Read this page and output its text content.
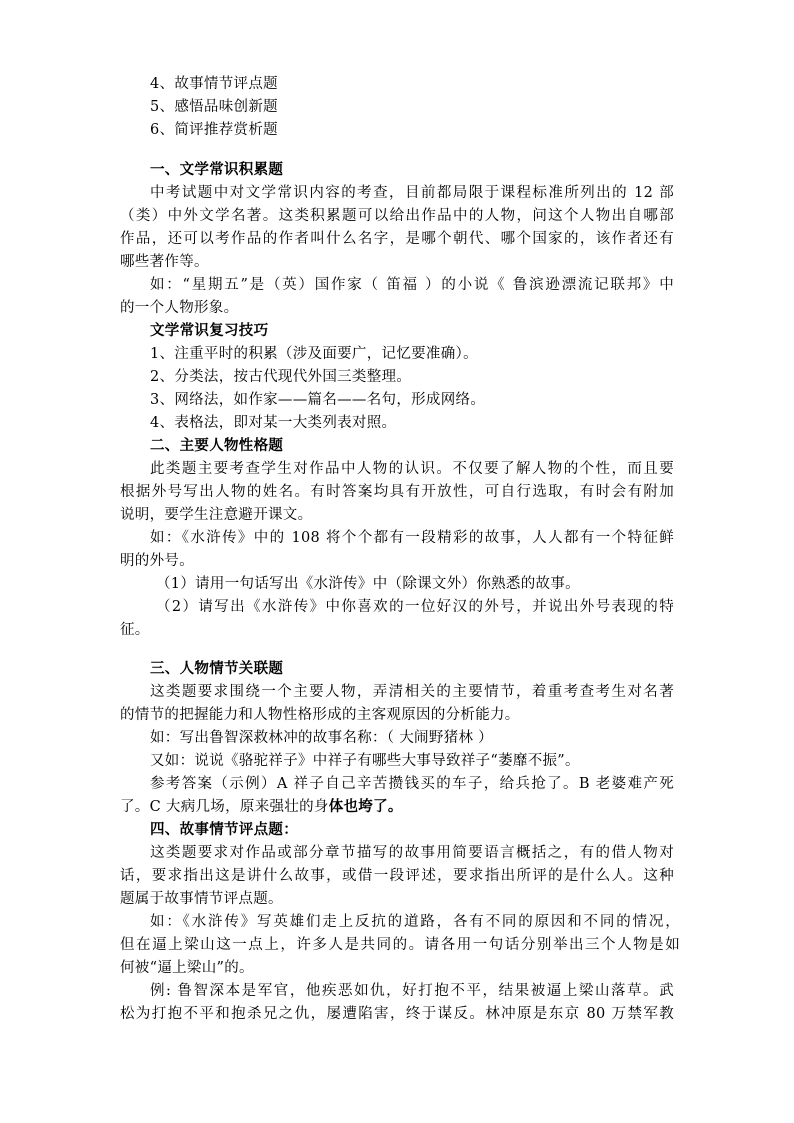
4、故事情节评点题
5、感悟品味创新题
6、简评推荐赏析题
一、文学常识积累题
中考试题中对文学常识内容的考查，目前都局限于课程标准所列出的 12 部
（类）中外文学名著。这类积累题可以给出作品中的人物，问这个人物出自哪部
作品，还可以考作品的作者叫什么名字，是哪个朝代、哪个国家的，该作者还有
哪些著作等。
如：“星期五”是（英）国作家（ 笛福 ）的小说《 鲁滨逊漂流记联邦》中
的一个人物形象。
文学常识复习技巧
1、注重平时的积累（涉及面要广，记忆要准确）。
2、分类法，按古代现代外国三类整理。
3、网络法，如作家——篇名——名句，形成网络。
4、表格法，即对某一大类列表对照。
二、主要人物性格题
此类题主要考查学生对作品中人物的认识。不仅要了解人物的个性，而且要
根据外号写出人物的姓名。有时答案均具有开放性，可自行选取，有时会有附加
说明，要学生注意避开课文。
如：《水浒传》中的 108 将个个都有一段精彩的故事，人人都有一个特征鲜
明的外号。
（1）请用一句话写出《水浒传》中（除课文外）你熟悉的故事。
（2）请写出《水浒传》中你喜欢的一位好汉的外号，并说出外号表现的特
征。
三、人物情节关联题
这类题要求围绕一个主要人物，弄清相关的主要情节，着重考查考生对名著
的情节的把握能力和人物性格形成的主客观原因的分析能力。
如：写出鲁智深救林冲的故事名称：（ 大闹野猪林 ）
又如：说说《骆驼祥子》中祥子有哪些大事导致祥子“萎靡不振”。
参考答案（示例）A 祥子自己辛苦攒钱买的车子，给兵抢了。B 老婆难产死
了。C 大病几场，原来强壮的身体也垮了。
四、故事情节评点题：
这类题要求对作品或部分章节描写的故事用简要语言概括之，有的借人物对
话，要求指出这是讲什么故事，或借一段评述，要求指出所评的是什么人。这种
题属于故事情节评点题。
如：《水浒传》写英雄们走上反抗的道路，各有不同的原因和不同的情况，
但在逼上梁山这一点上，许多人是共同的。请各用一句话分别举出三个人物是如
何被“逼上梁山”的。
例: 鲁智深本是军官，他疾恶如仇，好打抱不平，结果被逼上梁山落草。武
松为打抱不平和抱杀兄之仇，屡遭陷害，终于谋反。林冲原是东京 80 万禁军教
